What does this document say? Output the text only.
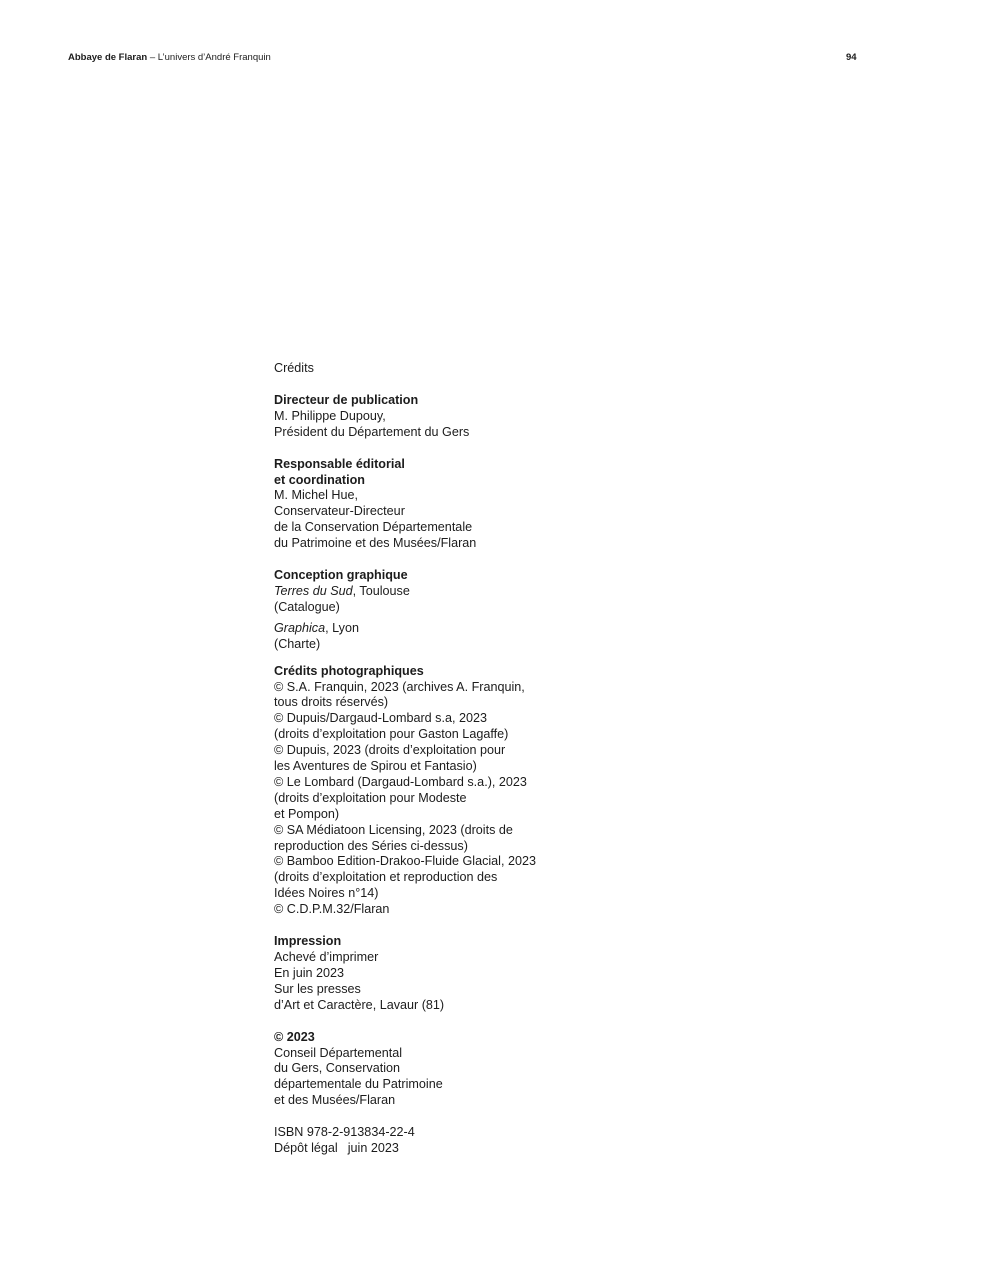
Abbaye de Flaran – L’univers d’André Franquin	94
Crédits
Directeur de publication
M. Philippe Dupouy,
Président du Département du Gers
Responsable éditorial
et coordination
M. Michel Hue,
Conservateur-Directeur
de la Conservation Départementale
du Patrimoine et des Musées/Flaran
Conception graphique
Terres du Sud, Toulouse
(Catalogue)
Graphica, Lyon
(Charte)
Crédits photographiques
© S.A. Franquin, 2023 (archives A. Franquin,
tous droits réservés)
© Dupuis/Dargaud-Lombard s.a, 2023
(droits d’exploitation pour Gaston Lagaffe)
© Dupuis, 2023 (droits d’exploitation pour
les Aventures de Spirou et Fantasio)
© Le Lombard (Dargaud-Lombard s.a.), 2023
(droits d’exploitation pour Modeste
et Pompon)
© SA Médiatoon Licensing, 2023 (droits de
reproduction des Séries ci-dessus)
© Bamboo Edition-Drakoo-Fluide Glacial, 2023
(droits d’exploitation et reproduction des
Idées Noires n°14)
© C.D.P.M.32/Flaran
Impression
Achevé d’imprimer
En juin 2023
Sur les presses
d’Art et Caractère, Lavaur (81)
© 2023
Conseil Départemental
du Gers, Conservation
départementale du Patrimoine
et des Musées/Flaran
ISBN 978-2-913834-22-4
Dépôt légal juin 2023
